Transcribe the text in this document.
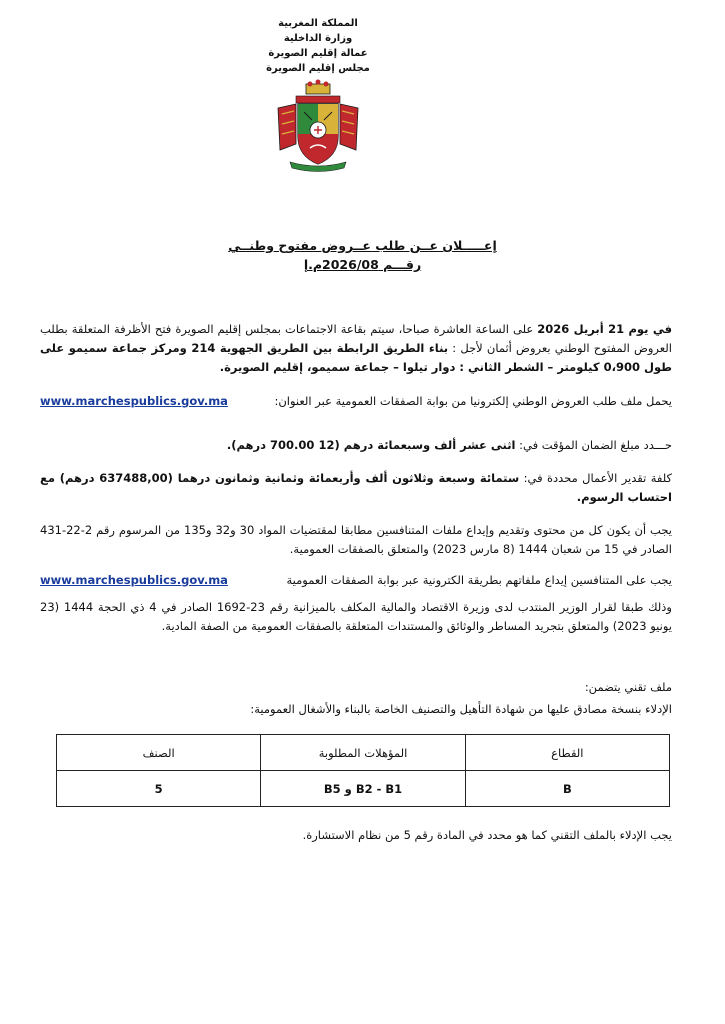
المملكة المغربية
وزارة الداخلية
عمالة إقليم الصويرة
مجلس إقليم الصويرة
إعـــــلان عــن طلب عــروض مفتوح وطنــي
رقـــم 2026/08م.إ
في يوم 21 أبريل 2026 على الساعة العاشرة صباحا، سيتم بقاعة الاجتماعات بمجلس إقليم الصويرة فتح الأظرفة المتعلقة بطلب العروض المفتوح الوطني بعروض أثمان لأجل : بناء الطريق الرابطة بين الطريق الجهوية 214 ومركز جماعة سميمو على طول 0،900 كيلومتر – الشطر الثاني : دوار تيلوا – جماعة سميمو، إقليم الصويرة.
يحمل ملف طلب العروض الوطني إلكترونيا من بوابة الصفقات العمومية عبر العنوان:
www.marchespublics.gov.ma
حـــدد مبلغ الضمان المؤقت في: اثنى عشر ألف وسبعمائة درهم (12 700.00 درهم).
كلفة تقدير الأعمال محددة في: ستمائة وسبعة وثلاثون ألف وأربعمائة وثمانية وثمانون درهما (637488,00 درهم) مع احتساب الرسوم.
يجب أن يكون كل من محتوى وتقديم وإيداع ملفات المتنافسين مطابقا لمقتضيات المواد 30 و32 و135 من المرسوم رقم 2-22-431 الصادر في 15 من شعبان 1444 (8 مارس 2023) والمتعلق بالصفقات العمومية.
يجب على المتنافسين إيداع ملفاتهم بطريقة الكترونية عبر بوابة الصفقات العمومية
www.marchespublics.gov.ma
وذلك طبقا لقرار الوزير المنتدب لدى وزيرة الاقتصاد والمالية المكلف بالميزانية رقم 23-1692 الصادر في 4 ذي الحجة 1444 (23 يونيو 2023) والمتعلق بتجريد المساطر والوثائق والمستندات المتعلقة بالصفقات العمومية من الصفة المادية.
ملف تقني يتضمن:
الإدلاء بنسخة مصادق عليها من شهادة التأهيل والتصنيف الخاصة بالبناء والأشغال العمومية:
القطاع	المؤهلات المطلوبة	الصنف
B	B2 - B1 و B5	5
يجب الإدلاء بالملف التقني كما هو محدد في المادة رقم 5 من نظام الاستشارة.
